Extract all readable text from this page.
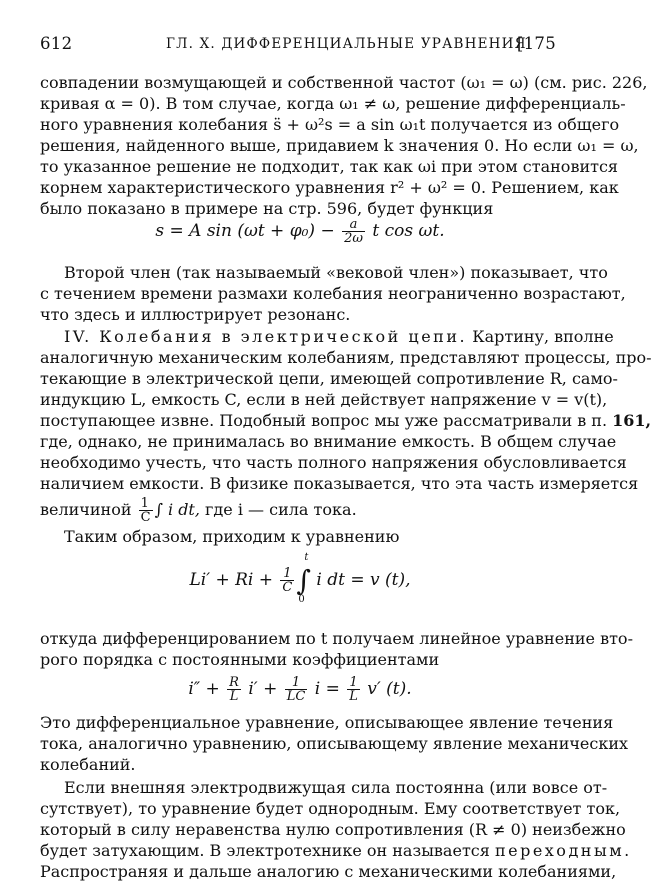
612	ГЛ. X. ДИФФЕРЕНЦИАЛЬНЫЕ УРАВНЕНИЯ
[175
совпадении возмущающей и собственной частот (ω₁ = ω) (см. рис. 226,
кривая α = 0). В том случае, когда ω₁ ≠ ω, решение дифференциаль-
ного уравнения колебания s̈ + ω²s = a sin ω₁t получается из общего
решения, найденного выше, придавием k значения 0. Но если ω₁ = ω,
то указанное решение не подходит, так как ωi при этом становится
корнем характеристического уравнения r² + ω² = 0. Решением, как
было показано в примере на стр. 596, будет функция
s = A $\sin (\omega t + \varphi_0) - \frac{a}{2\omega}$ t cos ωt.
Второй член (так называемый «вековой член») показывает, что
с течением времени размахи колебания неограниченно возрастают,
что здесь и иллюстрирует резонанс.
IV. Колебания в электрической цепи. Картину, вполне
аналогичную механическим колебаниям, представляют процессы, про-
текающие в электрической цепи, имеющей сопротивление R, само-
индукцию L, емкость C, если в ней действует напряжение v = v(t),
поступающее извне. Подобный вопрос мы уже рассматривали в п. 161,
где, однако, не принималась во внимание емкость. В общем случае
необходимо учесть, что часть полного напряжения обусловливается
наличием емкости. В физике показывается, что эта часть измеряется
величиной $\frac{1}{C}$ ∫ i dt, где i — сила тока.
Таким образом, приходим к уравнению
$Li' + Ri + \frac{1}{C}$ ∫
t
0
i dt = v (t),
откуда дифференцированием по t получаем линейное уравнение вто-
рого порядка с постоянными коэффициентами
$i'' + \frac{R}{L} i' + \frac{1}{LC}$ $i = \frac{1}{L} v'$ (t).
Это дифференциальное уравнение, описывающее явление течения
тока, аналогично уравнению, описывающему явление механических
колебаний.
Если внешняя электродвижущая сила постоянна (или вовсе от-
сутствует), то уравнение будет однородным. Ему соответствует ток,
который в силу неравенства нулю сопротивления (R ≠ 0) неизбежно
будет затухающим. В электротехнике он называется переходным.
Распространяя и дальше аналогию с механическими колебаниями,
